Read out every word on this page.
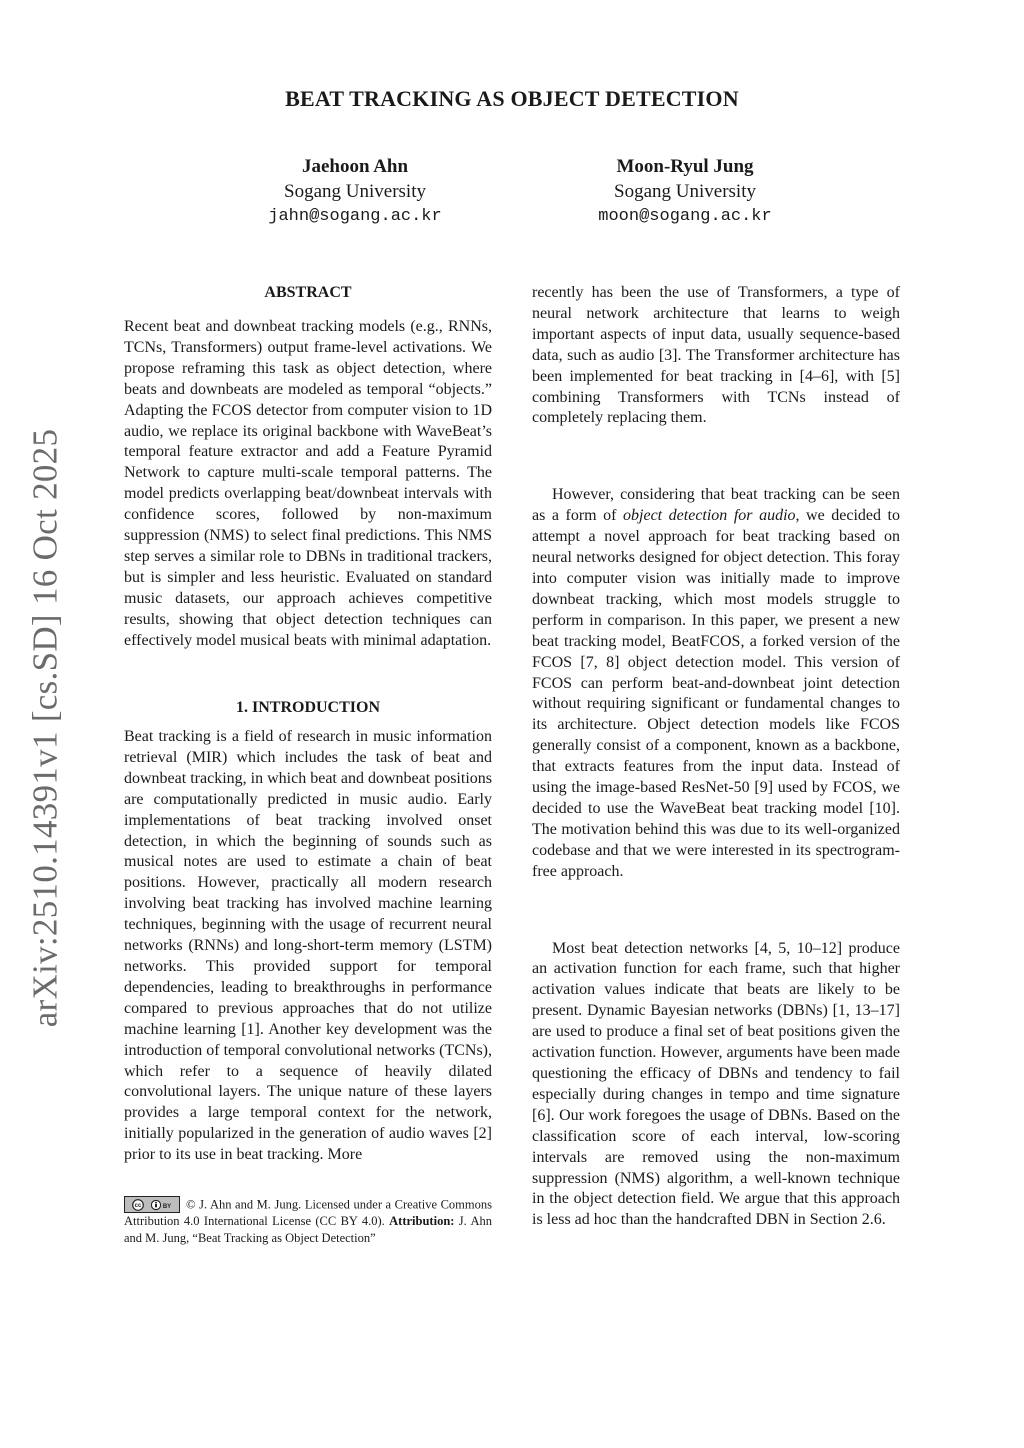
arXiv:2510.14391v1 [cs.SD] 16 Oct 2025
BEAT TRACKING AS OBJECT DETECTION
Jaehoon Ahn
Sogang University
jahn@sogang.ac.kr
Moon-Ryul Jung
Sogang University
moon@sogang.ac.kr

ABSTRACT

Recent beat and downbeat tracking models (e.g., RNNs, TCNs, Transformers) output frame-level activations. We propose reframing this task as object detection, where beats and downbeats are modeled as temporal “objects.” Adapting the FCOS detector from computer vision to 1D audio, we replace its original backbone with WaveBeat’s temporal feature extractor and add a Feature Pyramid Network to capture multi-scale temporal patterns. The model predicts overlapping beat/downbeat intervals with confidence scores, followed by non-maximum suppression (NMS) to select final predictions. This NMS step serves a similar role to DBNs in traditional trackers, but is simpler and less heuristic. Evaluated on standard music datasets, our approach achieves competitive results, showing that object detection techniques can effectively model musical beats with minimal adaptation.

1. INTRODUCTION

Beat tracking is a field of research in music information retrieval (MIR) which includes the task of beat and downbeat tracking, in which beat and downbeat positions are computationally predicted in music audio. Early implementations of beat tracking involved onset detection, in which the beginning of sounds such as musical notes are used to estimate a chain of beat positions. However, practically all modern research involving beat tracking has involved machine learning techniques, beginning with the usage of recurrent neural networks (RNNs) and long-short-term memory (LSTM) networks. This provided support for temporal dependencies, leading to breakthroughs in performance compared to previous approaches that do not utilize machine learning [1]. Another key development was the introduction of temporal convolutional networks (TCNs), which refer to a sequence of heavily dilated convolutional layers. The unique nature of these layers provides a large temporal context for the network, initially popularized in the generation of audio waves [2] prior to its use in beat tracking. More

cc	BY © J. Ahn and M. Jung. Licensed under a Creative Commons Attribution 4.0 International License (CC BY 4.0). Attribution: J. Ahn and M. Jung, “Beat Tracking as Object Detection”

recently has been the use of Transformers, a type of neural network architecture that learns to weigh important aspects of input data, usually sequence-based data, such as audio [3]. The Transformer architecture has been implemented for beat tracking in [4–6], with [5] combining Transformers with TCNs instead of completely replacing them.

However, considering that beat tracking can be seen as a form of object detection for audio, we decided to attempt a novel approach for beat tracking based on neural networks designed for object detection. This foray into computer vision was initially made to improve downbeat tracking, which most models struggle to perform in comparison. In this paper, we present a new beat tracking model, BeatFCOS, a forked version of the FCOS [7, 8] object detection model. This version of FCOS can perform beat-and-downbeat joint detection without requiring significant or fundamental changes to its architecture. Object detection models like FCOS generally consist of a component, known as a backbone, that extracts features from the input data. Instead of using the image-based ResNet-50 [9] used by FCOS, we decided to use the WaveBeat beat tracking model [10]. The motivation behind this was due to its well-organized codebase and that we were interested in its spectrogram-free approach.

Most beat detection networks [4, 5, 10–12] produce an activation function for each frame, such that higher activation values indicate that beats are likely to be present. Dynamic Bayesian networks (DBNs) [1, 13–17] are used to produce a final set of beat positions given the activation function. However, arguments have been made questioning the efficacy of DBNs and tendency to fail especially during changes in tempo and time signature [6]. Our work foregoes the usage of DBNs. Based on the classification score of each interval, low-scoring intervals are removed using the non-maximum suppression (NMS) algorithm, a well-known technique in the object detection field. We argue that this approach is less ad hoc than the handcrafted DBN in Section 2.6.
